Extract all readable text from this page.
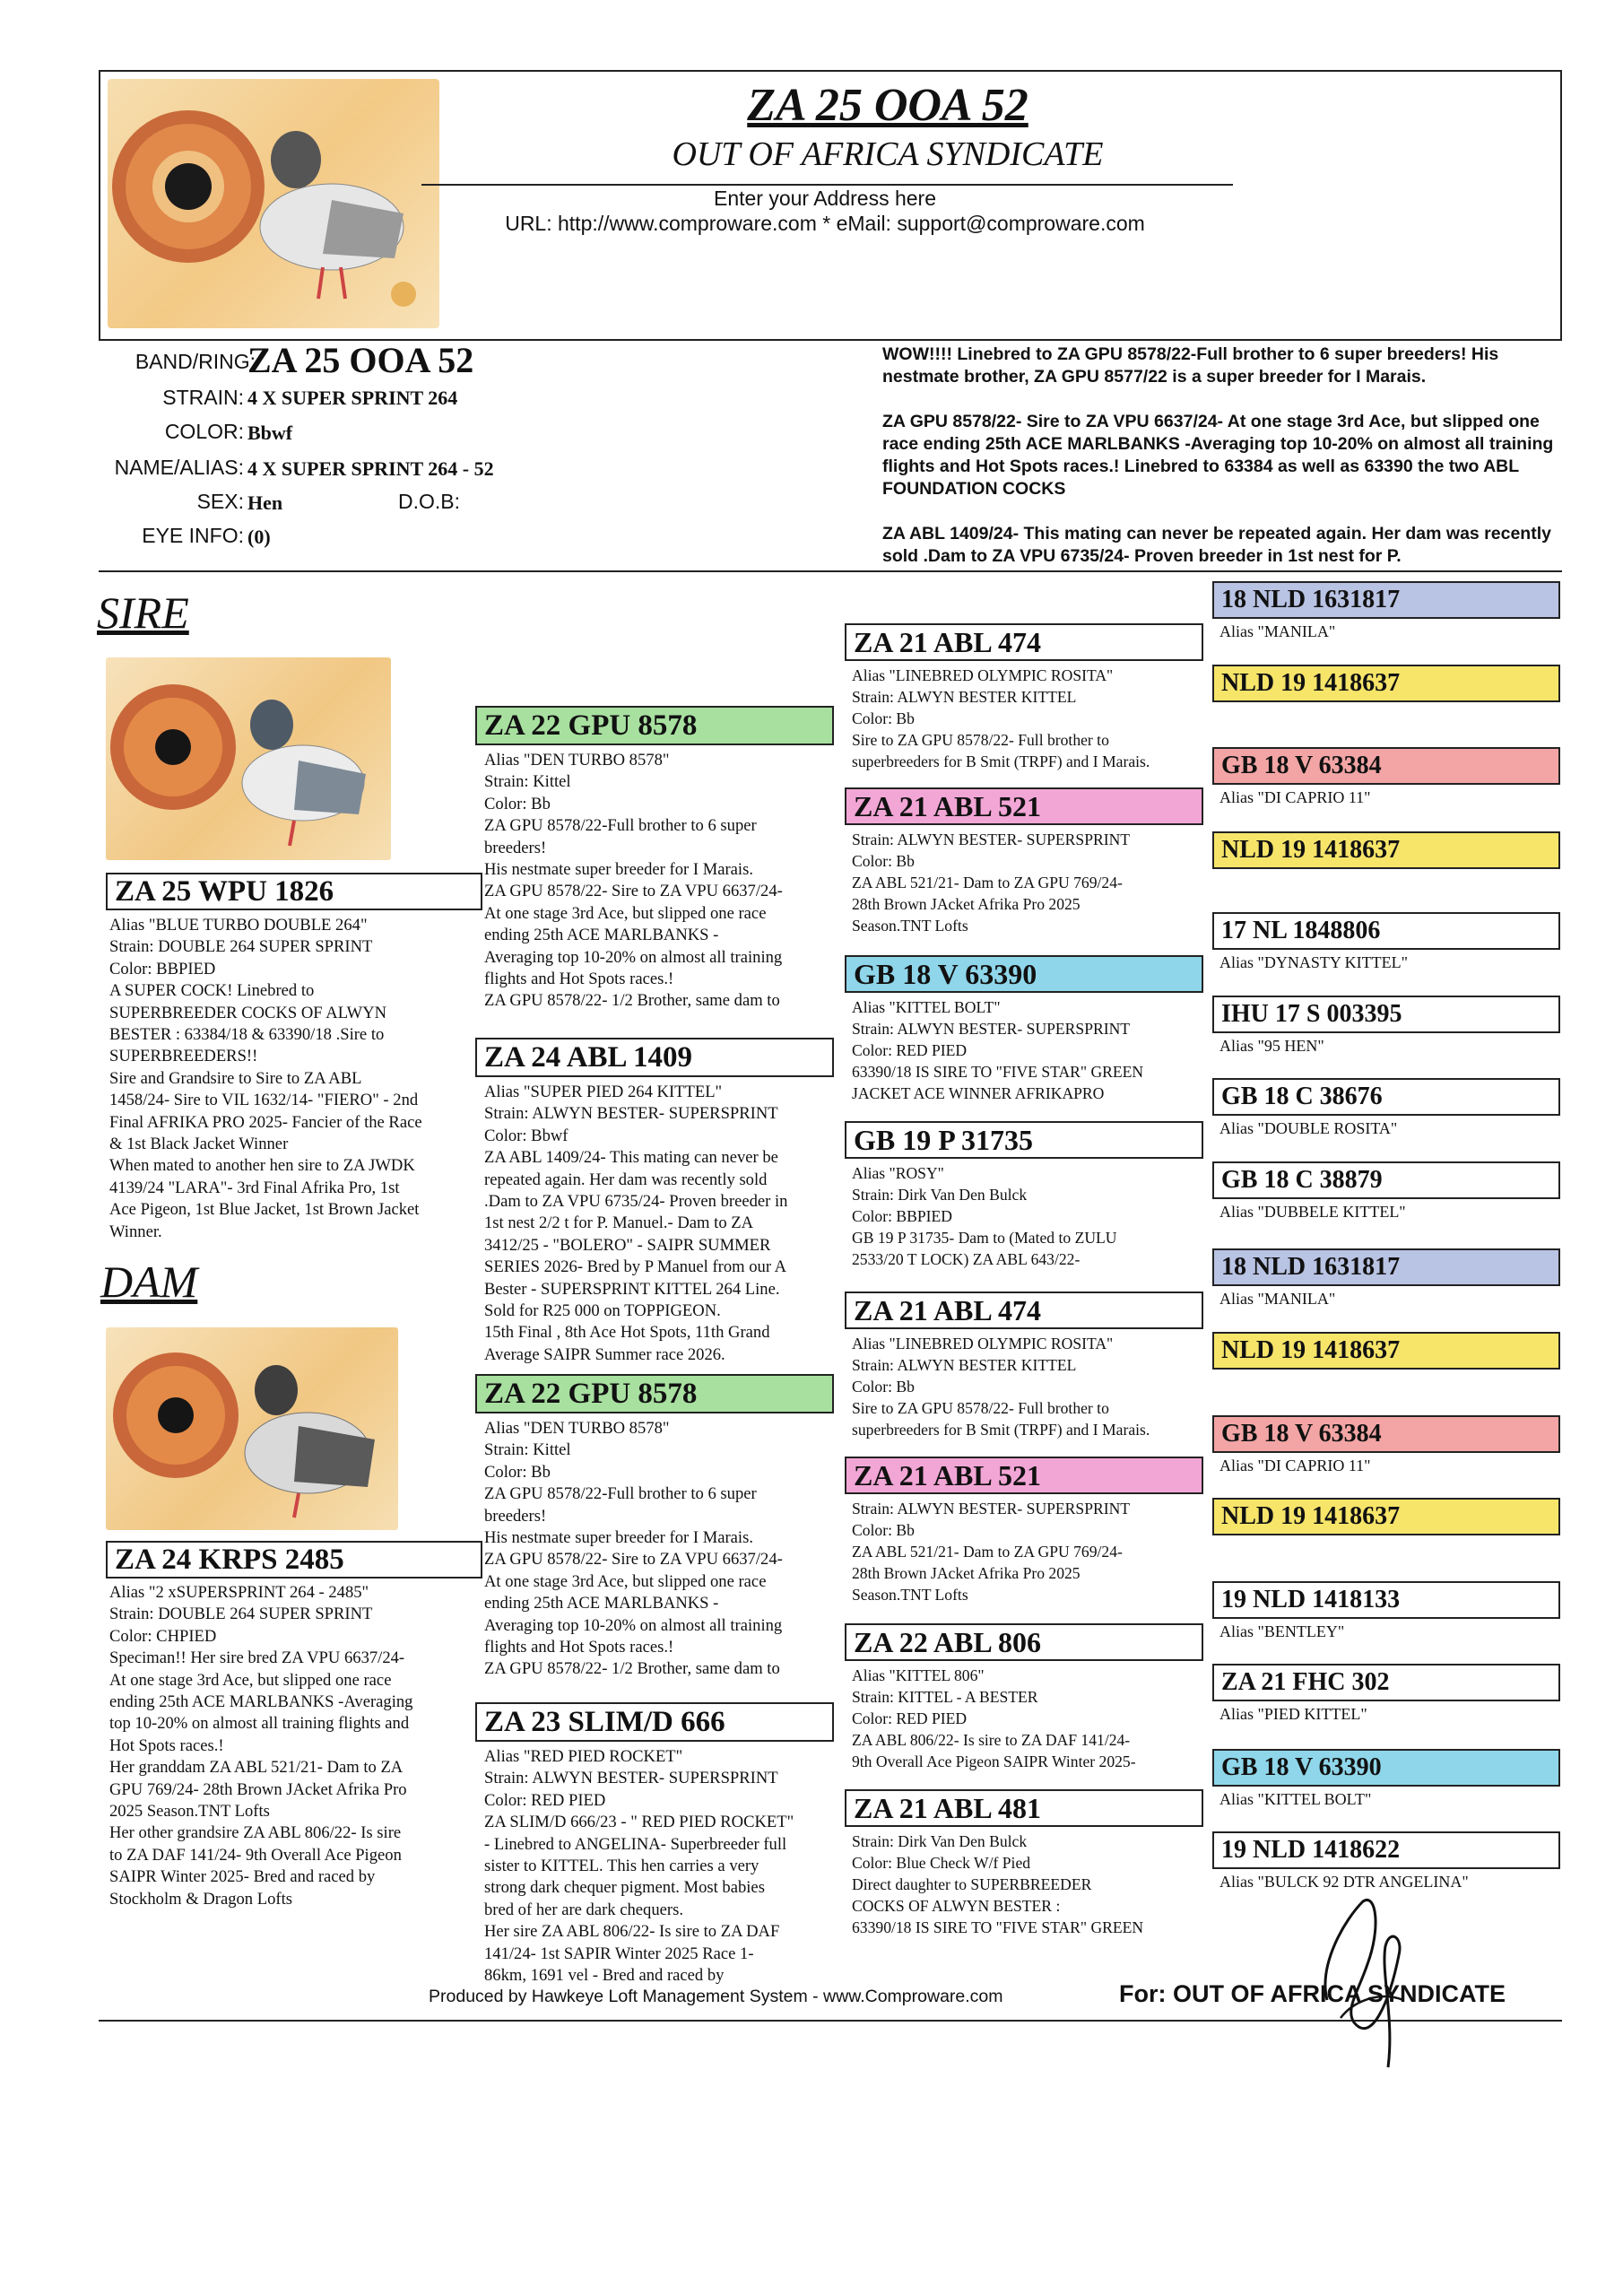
ZA 25 OOA 52
OUT OF AFRICA SYNDICATE
Enter your Address here
URL: http://www.comproware.com * eMail: support@comproware.com
BAND/RING:
ZA 25 OOA 52
STRAIN: 4 X SUPER SPRINT 264
COLOR: Bbwf
NAME/ALIAS: 4 X SUPER SPRINT 264 - 52
SEX: Hen	D.O.B:
EYE INFO: (0)

WOW!!!! Linebred to ZA GPU 8578/22-Full brother to 6 super breeders! His nestmate brother, ZA GPU 8577/22 is a super breeder for I Marais.

ZA GPU 8578/22- Sire to ZA VPU 6637/24- At one stage 3rd Ace, but slipped one race ending 25th ACE MARLBANKS -Averaging top 10-20% on almost all training flights and Hot Spots races.! Linebred to 63384 as well as 63390 the two ABL FOUNDATION COCKS

ZA ABL 1409/24- This mating can never be repeated again. Her dam was recently sold .Dam to ZA VPU 6735/24- Proven breeder in 1st nest for P.

SIRE
ZA 25 WPU 1826
Alias "BLUE TURBO DOUBLE 264"
Strain: DOUBLE 264 SUPER SPRINT
Color: BBPIED
A SUPER COCK! Linebred to
SUPERBREEDER COCKS OF ALWYN
BESTER : 63384/18 & 63390/18 .Sire to
SUPERBREEDERS!!
Sire and Grandsire to Sire to ZA ABL
1458/24- Sire to VIL 1632/14- "FIERO" - 2nd
Final AFRIKA PRO 2025- Fancier of the Race
& 1st Black Jacket Winner
When mated to another hen sire to ZA JWDK
4139/24 "LARA"- 3rd Final Afrika Pro, 1st
Ace Pigeon, 1st Blue Jacket, 1st Brown Jacket
Winner.
DAM
ZA 24 KRPS 2485
Alias "2 xSUPERSPRINT 264 - 2485"
Strain: DOUBLE 264 SUPER SPRINT
Color: CHPIED
Speciman!! Her sire bred ZA VPU 6637/24-
At one stage 3rd Ace, but slipped one race
ending 25th ACE MARLBANKS -Averaging
top 10-20% on almost all training flights and
Hot Spots races.!
Her granddam ZA ABL 521/21- Dam to ZA
GPU 769/24- 28th Brown JAcket Afrika Pro
2025 Season.TNT Lofts
Her other grandsire ZA ABL 806/22- Is sire
to ZA DAF 141/24- 9th Overall Ace Pigeon
SAIPR Winter 2025- Bred and raced by
Stockholm & Dragon Lofts
Produced by Hawkeye Loft Management System - www.Comproware.com	For: OUT OF AFRICA SYNDICATE
ZA 22 GPU 8578
Alias "DEN TURBO 8578"
Strain: Kittel
Color: Bb
ZA GPU 8578/22-Full brother to 6 super
breeders!
His nestmate super breeder for I Marais.
ZA GPU 8578/22- Sire to ZA VPU 6637/24-
At one stage 3rd Ace, but slipped one race
ending 25th ACE MARLBANKS -
Averaging top 10-20% on almost all training
flights and Hot Spots races.!
ZA GPU 8578/22- 1/2 Brother, same dam to
ZA 24 ABL 1409
Alias "SUPER PIED 264 KITTEL"
Strain: ALWYN BESTER- SUPERSPRINT
Color: Bbwf
ZA ABL 1409/24- This mating can never be
repeated again. Her dam was recently sold
.Dam to ZA VPU 6735/24- Proven breeder in
1st nest 2/2 t for P. Manuel.- Dam to ZA
3412/25 - "BOLERO" - SAIPR SUMMER
SERIES 2026- Bred by P Manuel from our A
Bester - SUPERSPRINT KITTEL 264 Line.
Sold for R25 000 on TOPPIGEON.
15th Final , 8th Ace Hot Spots, 11th Grand
Average SAIPR Summer race 2026.
ZA 22 GPU 8578
Alias "DEN TURBO 8578"
Strain: Kittel
Color: Bb
ZA GPU 8578/22-Full brother to 6 super
breeders!
His nestmate super breeder for I Marais.
ZA GPU 8578/22- Sire to ZA VPU 6637/24-
At one stage 3rd Ace, but slipped one race
ending 25th ACE MARLBANKS -
Averaging top 10-20% on almost all training
flights and Hot Spots races.!
ZA GPU 8578/22- 1/2 Brother, same dam to
ZA 23 SLIM/D 666
Alias "RED PIED ROCKET"
Strain: ALWYN BESTER- SUPERSPRINT
Color: RED PIED
ZA SLIM/D 666/23 - " RED PIED ROCKET"
- Linebred to ANGELINA- Superbreeder full
sister to KITTEL. This hen carries a very
strong dark chequer pigment. Most babies
bred of her are dark chequers.
Her sire ZA ABL 806/22- Is sire to ZA DAF
141/24- 1st SAPIR Winter 2025 Race 1-
86km, 1691 vel - Bred and raced by
ZA 21 ABL 474
Alias "LINEBRED OLYMPIC ROSITA"
Strain: ALWYN BESTER KITTEL
Color: Bb
Sire to ZA GPU 8578/22- Full brother to
superbreeders for B Smit (TRPF) and I Marais.
ZA 21 ABL 521
Strain: ALWYN BESTER- SUPERSPRINT
Color: Bb
ZA ABL 521/21- Dam to ZA GPU 769/24-
28th Brown JAcket Afrika Pro 2025
Season.TNT Lofts
GB 18 V 63390
Alias "KITTEL BOLT"
Strain: ALWYN BESTER- SUPERSPRINT
Color: RED PIED
63390/18 IS SIRE TO "FIVE STAR" GREEN
JACKET ACE WINNER AFRIKAPRO
GB 19 P 31735
Alias "ROSY"
Strain: Dirk Van Den Bulck
Color: BBPIED
GB 19 P 31735- Dam to (Mated to ZULU
2533/20 T LOCK) ZA ABL 643/22-
ZA 21 ABL 474
Alias "LINEBRED OLYMPIC ROSITA"
Strain: ALWYN BESTER KITTEL
Color: Bb
Sire to ZA GPU 8578/22- Full brother to
superbreeders for B Smit (TRPF) and I Marais.
ZA 21 ABL 521
Strain: ALWYN BESTER- SUPERSPRINT
Color: Bb
ZA ABL 521/21- Dam to ZA GPU 769/24-
28th Brown JAcket Afrika Pro 2025
Season.TNT Lofts
ZA 22 ABL 806
Alias "KITTEL 806"
Strain: KITTEL - A BESTER
Color: RED PIED
ZA ABL 806/22- Is sire to ZA DAF 141/24-
9th Overall Ace Pigeon SAIPR Winter 2025-
ZA 21 ABL 481
Strain: Dirk Van Den Bulck
Color: Blue Check W/f Pied
Direct daughter to SUPERBREEDER
COCKS OF ALWYN BESTER :
63390/18 IS SIRE TO "FIVE STAR" GREEN
18 NLD 1631817
Alias "MANILA"
NLD 19 1418637
GB 18 V 63384
Alias "DI CAPRIO 11"
NLD 19 1418637
17 NL 1848806
Alias "DYNASTY KITTEL"
IHU 17 S 003395
Alias "95 HEN"
GB 18 C 38676
Alias "DOUBLE ROSITA"
GB 18 C 38879
Alias "DUBBELE KITTEL"
18 NLD 1631817
Alias "MANILA"
NLD 19 1418637
GB 18 V 63384
Alias "DI CAPRIO 11"
NLD 19 1418637
19 NLD 1418133
Alias "BENTLEY"
ZA 21 FHC 302
Alias "PIED KITTEL"
GB 18 V 63390
Alias "KITTEL BOLT"
19 NLD 1418622
Alias "BULCK 92 DTR ANGELINA"
